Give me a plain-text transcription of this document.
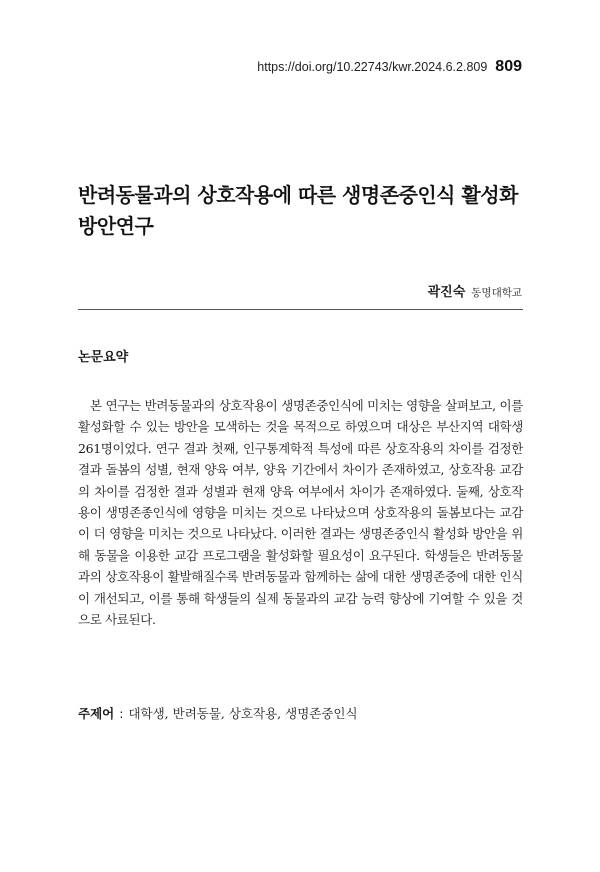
https://doi.org/10.22743/kwr.2024.6.2.809 809
반려동물과의 상호작용에 따른 생명존중인식 활성화 방안연구
곽진숙 동명대학교
논문요약

본 연구는 반려동물과의 상호작용이 생명존중인식에 미치는 영향을 살펴보고, 이를 활성화할 수 있는 방안을 모색하는 것을 목적으로 하였으며 대상은 부산지역 대학생 261명이었다. 연구 결과 첫째, 인구통계학적 특성에 따른 상호작용의 차이를 검정한 결과 돌봄의 성별, 현재 양육 여부, 양육 기간에서 차이가 존재하였고, 상호작용 교감의 차이를 검정한 결과 성별과 현재 양육 여부에서 차이가 존재하였다. 둘째, 상호작용이 생명존종인식에 영향을 미치는 것으로 나타났으며 상호작용의 돌봄보다는 교감이 더 영향을 미치는 것으로 나타났다. 이러한 결과는 생명존중인식 활성화 방안을 위해 동물을 이용한 교감 프로그램을 활성화할 필요성이 요구된다. 학생들은 반려동물과의 상호작용이 활발해질수록 반려동물과 함께하는 삶에 대한 생명존중에 대한 인식이 개선되고, 이를 통해 학생들의 실제 동물과의 교감 능력 향상에 기여할 수 있을 것으로 사료된다.

주제어 : 대학생, 반려동물, 상호작용, 생명존중인식
